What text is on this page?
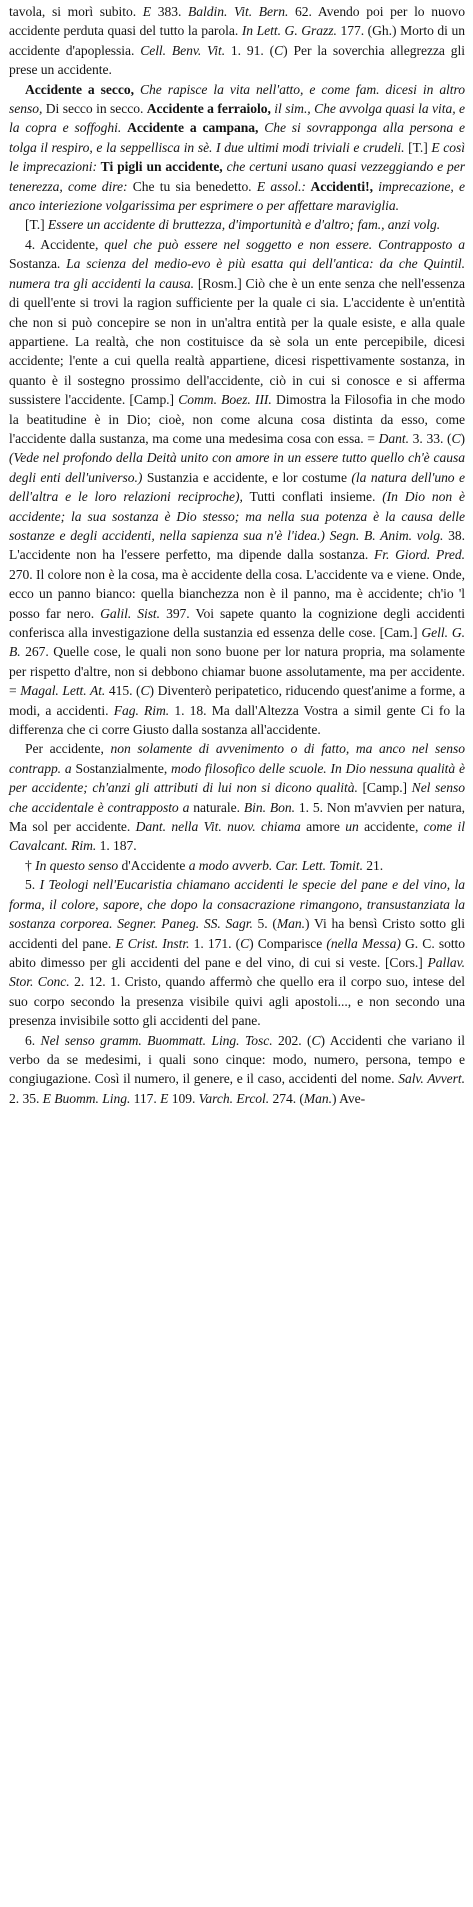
tavola, si morì subito. E 383. Baldin. Vit. Bern. 62. Avendo poi per lo nuovo accidente perduta quasi del tutto la parola. In Lett. G. Grazz. 177. (Gh.) Morto di un accidente d'apoplessia. Cell. Benv. Vit. 1. 91. (C) Per la soverchia allegrezza gli prese un accidente.

Accidente a secco, Che rapisce la vita nell'atto, e come fam. dicesi in altro senso, Di secco in secco. Accidente a ferraiolo, il sim., Che avvolga quasi la vita, e la copra e soffoghi. Accidente a campana, Che si sovrapponga alla persona e tolga il respiro, e la seppellisca in sè. I due ultimi modi triviali e crudeli. [T.] E così le imprecazioni: Ti pigli un accidente, che certuni usano quasi vezzeggiando e per tenerezza, come dire: Che tu sia benedetto. E assol.: Accidenti!, imprecazione, e anco interiezione volgarissima per esprimere o per affettare maraviglia.

[T.] Essere un accidente di bruttezza, d'importunità e d'altro; fam., anzi volg.

4. Accidente, quel che può essere nel soggetto e non essere. Contrapposto a Sostanza. La scienza del medio-evo è più esatta qui dell'antica: da che Quintil. numera tra gli accidenti la causa. [Rosm.] Ciò che è un ente senza che nell'essenza di quell'ente si trovi la ragion sufficiente per la quale ci sia. L'accidente è un'entità che non si può concepire se non in un'altra entità per la quale esiste, e alla quale appartiene. La realtà, che non costituisce da sè sola un ente percepibile, dicesi accidente; l'ente a cui quella realtà appartiene, dicesi rispettivamente sostanza, in quanto è il sostegno prossimo dell'accidente, ciò in cui si conosce e si afferma sussistere l'accidente. [Camp.] Comm. Boez. III. Dimostra la Filosofia in che modo la beatitudine è in Dio; cioè, non come alcuna cosa distinta da esso, come l'accidente dalla sustanza, ma come una medesima cosa con essa. = Dant. 3. 33. (C) (Vede nel profondo della Deità unito con amore in un essere tutto quello ch'è causa degli enti dell'universo.) Sustanzia e accidente, e lor costume (la natura dell'uno e dell'altra e le loro relazioni reciproche), Tutti conflati insieme. (In Dio non è accidente; la sua sostanza è Dio stesso; ma nella sua potenza è la causa delle sostanze e degli accidenti, nella sapienza sua n'è l'idea.) Segn. B. Anim. volg. 38. L'accidente non ha l'essere perfetto, ma dipende dalla sostanza. Fr. Giord. Pred. 270. Il colore non è la cosa, ma è accidente della cosa. L'accidente va e viene. Onde, ecco un panno bianco: quella bianchezza non è il panno, ma è accidente; ch'io 'l posso far nero. Galil. Sist. 397. Voi sapete quanto la cognizione degli accidenti conferisca alla investigazione della sustanzia ed essenza delle cose. [Cam.] Gell. G. B. 267. Quelle cose, le quali non sono buone per lor natura propria, ma solamente per rispetto d'altre, non si debbono chiamar buone assolutamente, ma per accidente. = Magal. Lett. At. 415. (C) Diventerò peripatetico, riducendo quest'anime a forme, a modi, a accidenti. Fag. Rim. 1. 18. Ma dall'Altezza Vostra a simil gente Ci fo la differenza che ci corre Giusto dalla sostanza all'accidente.

Per accidente, non solamente di avvenimento o di fatto, ma anco nel senso contrapp. a Sostanzialmente, modo filosofico delle scuole. In Dio nessuna qualità è per accidente; ch'anzi gli attributi di lui non si dicono qualità. [Camp.] Nel senso che accidentale è contrapposto a naturale. Bin. Bon. 1. 5. Non m'avvien per natura, Ma sol per accidente. Dant. nella Vit. nuov. chiama amore un accidente, come il Cavalcant. Rim. 1. 187.

† In questo senso d'Accidente a modo avverb. Car. Lett. Tomit. 21.

5. I Teologi nell'Eucaristia chiamano accidenti le specie del pane e del vino, la forma, il colore, sapore, che dopo la consacrazione rimangono, transustanziata la sostanza corporea. Segner. Paneg. SS. Sagr. 5. (Man.) Vi ha bensì Cristo sotto gli accidenti del pane. E Crist. Instr. 1. 171. (C) Comparisce (nella Messa) G. C. sotto abito dimesso per gli accidenti del pane e del vino, di cui si veste. [Cors.] Pallav. Stor. Conc. 2. 12. 1. Cristo, quando affermò che quello era il corpo suo, intese del suo corpo secondo la presenza visibile quivi agli apostoli..., e non secondo una presenza invisibile sotto gli accidenti del pane.

6. Nel senso gramm. Buommatt. Ling. Tosc. 202. (C) Accidenti che variano il verbo da se medesimi, i quali sono cinque: modo, numero, persona, tempo e congiugazione. Così il numero, il genere, e il caso, accidenti del nome. Salv. Avvert. 2. 35. E Buomm. Ling. 117. E 109. Varch. Ercol. 274. (Man.) Ave-
